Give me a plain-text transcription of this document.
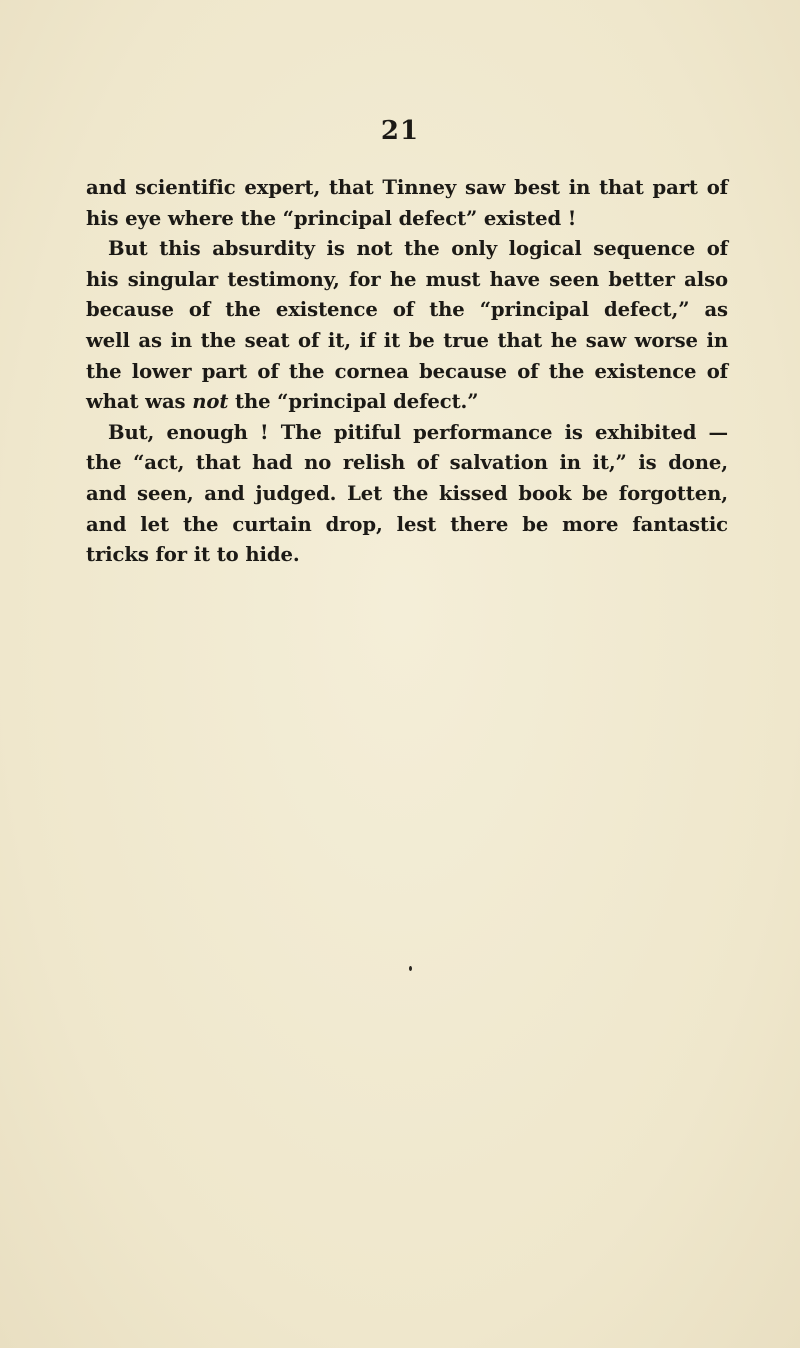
21
and scientific expert, that Tinney saw best in that part of
his eye where the “principal defect” existed !
But this absurdity is not the only logical sequence of
his singular testimony, for he must have seen better also
because of the existence of the “principal defect,” as
well as in the seat of it, if it be true that he saw worse in
the lower part of the cornea because of the existence of
what was not the “principal defect.”
But, enough ! The pitiful performance is exhibited —
the “act, that had no relish of salvation in it,” is done,
and seen, and judged. Let the kissed book be forgotten,
and let the curtain drop, lest there be more fantastic
tricks for it to hide.
